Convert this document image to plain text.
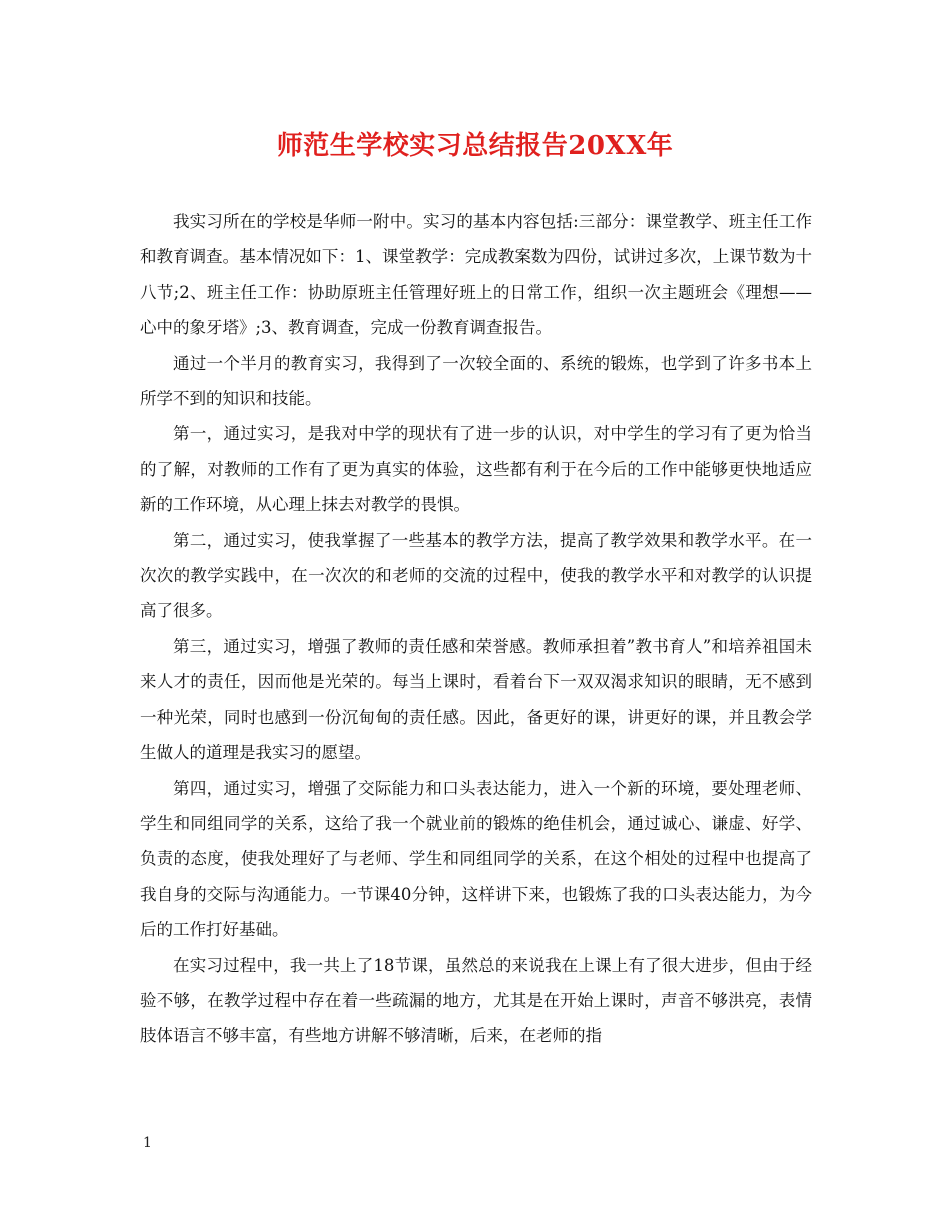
师范生学校实习总结报告20XX年

我实习所在的学校是华师一附中。实习的基本内容包括:三部分：课堂教学、班主任工作和教育调查。基本情况如下：1、课堂教学：完成教案数为四份，试讲过多次，上课节数为十八节;2、班主任工作：协助原班主任管理好班上的日常工作，组织一次主题班会《理想——心中的象牙塔》;3、教育调查，完成一份教育调查报告。

通过一个半月的教育实习，我得到了一次较全面的、系统的锻炼，也学到了许多书本上所学不到的知识和技能。

第一，通过实习，是我对中学的现状有了进一步的认识，对中学生的学习有了更为恰当的了解，对教师的工作有了更为真实的体验，这些都有利于在今后的工作中能够更快地适应新的工作环境，从心理上抹去对教学的畏惧。

第二，通过实习，使我掌握了一些基本的教学方法，提高了教学效果和教学水平。在一次次的教学实践中，在一次次的和老师的交流的过程中，使我的教学水平和对教学的认识提高了很多。

第三，通过实习，增强了教师的责任感和荣誉感。教师承担着”教书育人”和培养祖国未来人才的责任，因而他是光荣的。每当上课时，看着台下一双双渴求知识的眼睛，无不感到一种光荣，同时也感到一份沉甸甸的责任感。因此，备更好的课，讲更好的课，并且教会学生做人的道理是我实习的愿望。

第四，通过实习，增强了交际能力和口头表达能力，进入一个新的环境，要处理老师、学生和同组同学的关系，这给了我一个就业前的锻炼的绝佳机会，通过诚心、谦虚、好学、负责的态度，使我处理好了与老师、学生和同组同学的关系，在这个相处的过程中也提高了我自身的交际与沟通能力。一节课40分钟，这样讲下来，也锻炼了我的口头表达能力，为今后的工作打好基础。

在实习过程中，我一共上了18节课，虽然总的来说我在上课上有了很大进步，但由于经验不够，在教学过程中存在着一些疏漏的地方，尤其是在开始上课时，声音不够洪亮，表情肢体语言不够丰富，有些地方讲解不够清晰，后来，在老师的指

1
